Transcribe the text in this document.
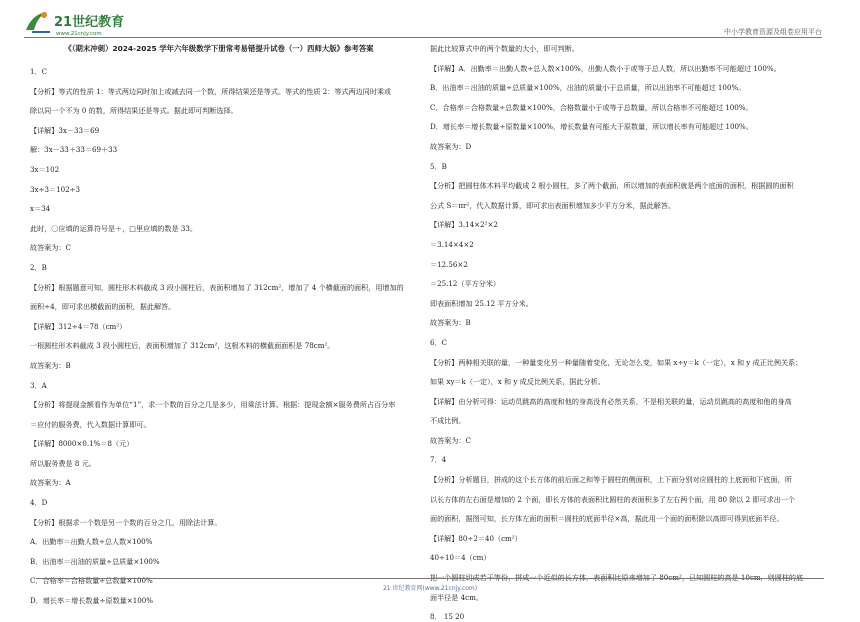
21世纪教育
www.21cnjy.com	中小学教育资源及组卷应用平台
《（期末冲刺）2024-2025 学年六年级数学下册常考易错提升试卷（一）西师大版》参考答案
1．C
【分析】等式的性质 1：等式两边同时加上或减去同一个数，所得结果还是等式。等式的性质 2：等式两边同时乘或
除以同一个不为 0 的数，所得结果还是等式。据此即可判断选择。
【详解】3x－33＝69
解：3x－33＋33＝69＋33
3x＝102
3x÷3＝102÷3
x＝34
此时，〇应填的运算符号是＋，□里应填的数是 33。
故答案为：C
2．B
【分析】根据题意可知，圆柱形木料截成 3 段小圆柱后，表面积增加了 312cm²，增加了 4 个横截面的面积，用增加的
面积÷4，即可求出横截面的面积，据此解答。
【详解】312÷4＝78（cm²）
一根圆柱形木料截成 3 段小圆柱后，表面积增加了 312cm²，这根木料的横截面面积是 78cm²。
故答案为：B
3．A
【分析】将提现金额看作为单位“1”，求一个数的百分之几是多少，用乘法计算。根据：提现金额×服务费所占百分率
＝应付的服务费，代入数据计算即可。
【详解】8000×0.1%＝8（元）
所以服务费是 8 元。
故答案为：A
4．D
【分析】根据求一个数是另一个数的百分之几，用除法计算。
A．出勤率＝出勤人数÷总人数×100%
B．出油率＝出油的质量÷总质量×100%
C．合格率＝合格数量÷总数量×100%
D．增长率＝增长数量÷原数量×100%
据此比较算式中的两个数量的大小，即可判断。
【详解】A．出勤率＝出勤人数÷总人数×100%，出勤人数小于或等于总人数，所以出勤率不可能超过 100%。
B．出油率＝出油的质量÷总质量×100%，出油的质量小于总质量，所以出油率不可能超过 100%。
C．合格率＝合格数量÷总数量×100%，合格数量小于或等于总数量，所以合格率不可能超过 100%。
D．增长率＝增长数量÷原数量×100%，增长数量有可能大于原数量，所以增长率有可能超过 100%。
故答案为：D
5．B
【分析】把圆柱体木料平均截成 2 根小圆柱，多了两个截面，所以增加的表面积就是两个底面的面积，根据圆的面积
公式 S＝πr²，代入数据计算，即可求出表面积增加多少平方分米，据此解答。
【详解】3.14×2²×2
＝3.14×4×2
＝12.56×2
＝25.12（平方分米）
即表面积增加 25.12 平方分米。
故答案为：B
6．C
【分析】两种相关联的量，一种量变化另一种量随着变化，无论怎么变，如果 x÷y＝k（一定），x 和 y 成正比例关系；
如果 xy＝k（一定），x 和 y 成反比例关系，据此分析。
【详解】由分析可得：运动员跳高的高度和他的身高没有必然关系，不是相关联的量，运动员跳高的高度和他的身高
不成比例。
故答案为：C
7．4
【分析】分析题目，拼成的这个长方体的前后面之和等于圆柱的侧面积，上下面分别对应圆柱的上底面和下底面，所
以长方体的左右面是增加的 2 个面，即长方体的表面积比圆柱的表面积多了左右两个面，用 80 除以 2 即可求出一个
面的面积，据图可知，长方体左面的面积＝圆柱的底面半径×高，据此用一个面的面积除以高即可得到底面半径。
【详解】80÷2＝40（cm²）
40÷10＝4（cm）
把一个圆柱切成若干等份，拼成一个近似的长方体，表面积比原来增加了 80cm²，已知圆柱的高是 10cm，则圆柱的底
面半径是 4cm。
8． 15 20
21 世纪教育网(www.21cnjy.com)
